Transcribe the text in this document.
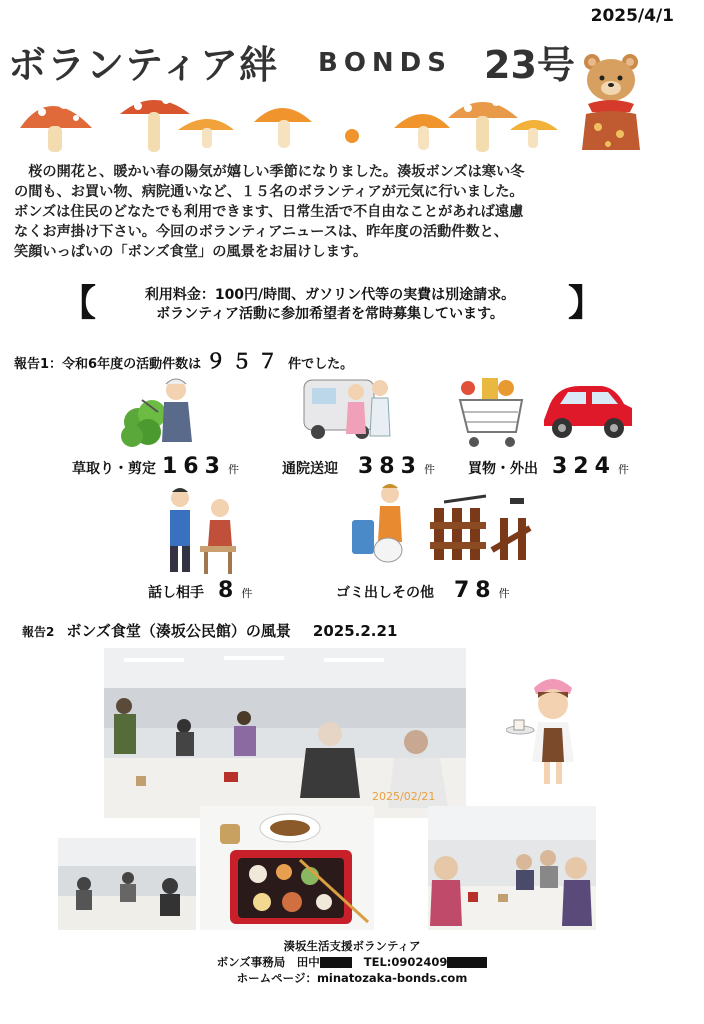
2025/4/1
ボランティア絆 BONDS 23号
　桜の開花と、暖かい春の陽気が嬉しい季節になりました。湊坂ボンズは寒い冬
の間も、お買い物、病院通いなど、１５名のボランティアが元気に行いました。
ボンズは住民のどなたでも利用できます、日常生活で不自由なことがあれば遠慮
なくお声掛け下さい。今回のボランティアニュースは、昨年度の活動件数と、
笑顔いっぱいの「ボンズ食堂」の風景をお届けします。
【	利用料金：100円/時間、ガソリン代等の実費は別途請求。
ボランティア活動に参加希望者を常時募集しています。	】
報告1：令和6年度の活動件数は ９５７ 件でした。
草取り・剪定 163 件	通院送迎 383 件 買物・外出 324 件
話し相手 8 件	ゴミ出しその他 78 件
報告2 ボンズ食堂（湊坂公民館）の風景 2025.2.21
2025/02/21
湊坂生活支援ボランティア
ボンズ事務局　田中	TEL:0902409
ホームページ：minatozaka-bonds.com
